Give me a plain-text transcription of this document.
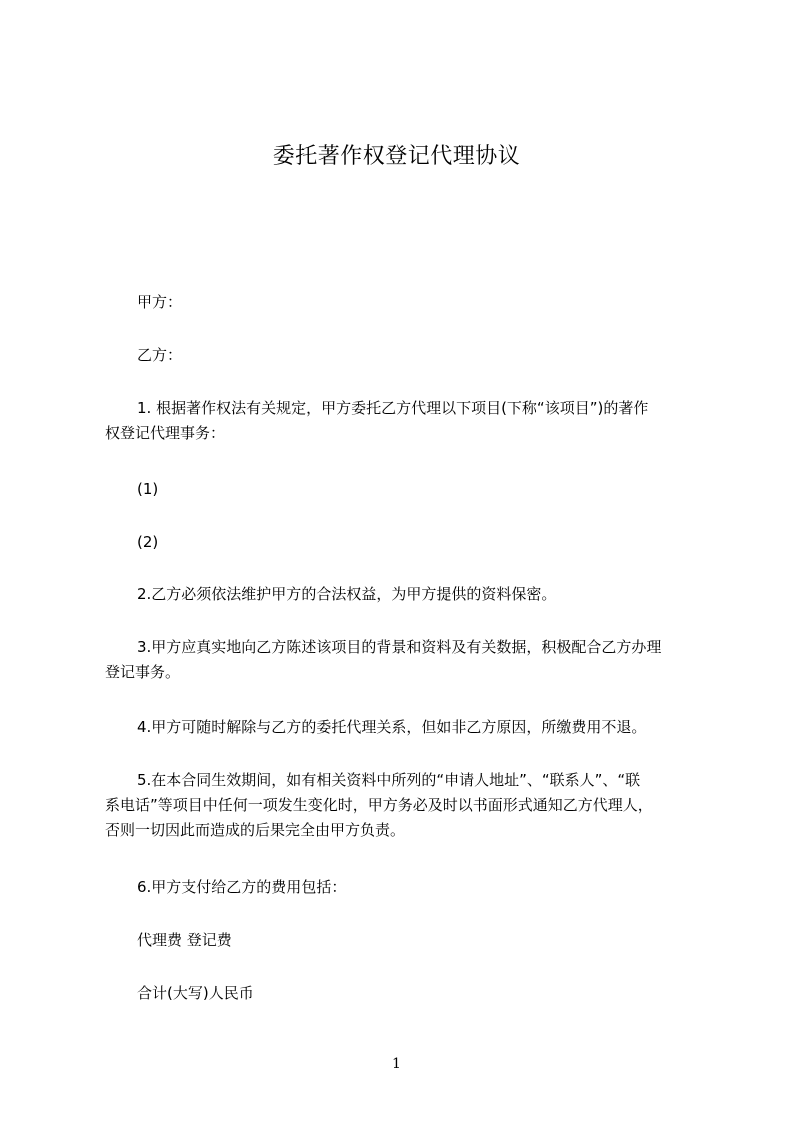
委托著作权登记代理协议
甲方：
乙方：
1. 根据著作权法有关规定，甲方委托乙方代理以下项目(下称“该项目”)的著作
权登记代理事务：
(1)
(2)
2.乙方必须依法维护甲方的合法权益，为甲方提供的资料保密。
3.甲方应真实地向乙方陈述该项目的背景和资料及有关数据，积极配合乙方办理
登记事务。
4.甲方可随时解除与乙方的委托代理关系，但如非乙方原因，所缴费用不退。
5.在本合同生效期间，如有相关资料中所列的“申请人地址”、“联系人”、“联
系电话”等项目中任何一项发生变化时，甲方务必及时以书面形式通知乙方代理人，
否则一切因此而造成的后果完全由甲方负责。
6.甲方支付给乙方的费用包括：
代理费 登记费
合计(大写)人民币
1
